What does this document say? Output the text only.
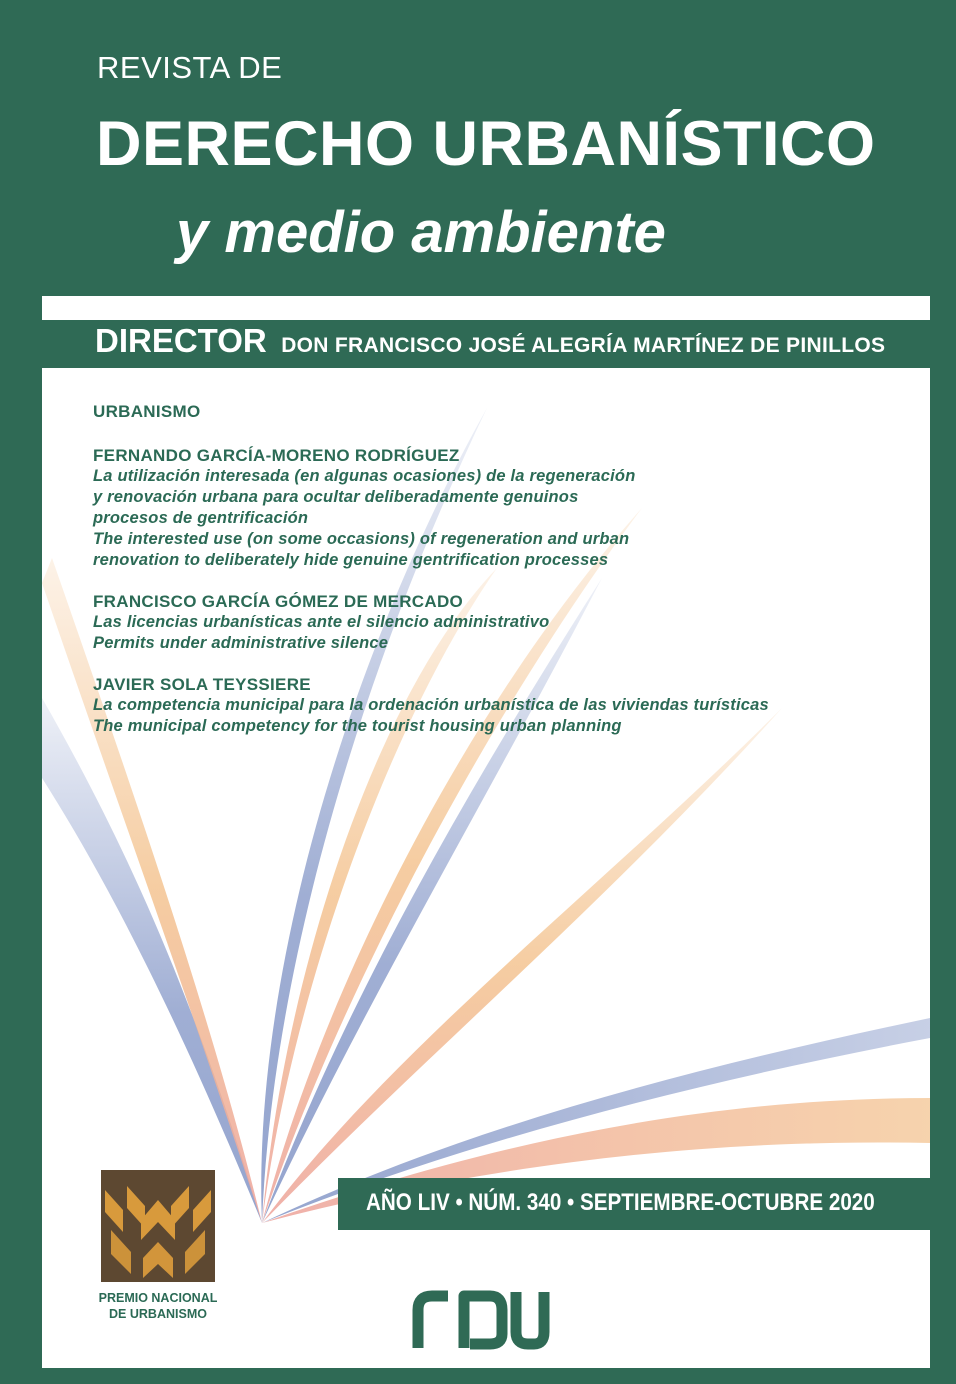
REVISTA DE
DERECHO URBANÍSTICO
y medio ambiente
DIRECTOR DON FRANCISCO JOSÉ ALEGRÍA MARTÍNEZ DE PINILLOS
URBANISMO
FERNANDO GARCÍA-MORENO RODRÍGUEZ
La utilización interesada (en algunas ocasiones) de la regeneración
y renovación urbana para ocultar deliberadamente genuinos
procesos de gentrificación
The interested use (on some occasions) of regeneration and urban
renovation to deliberately hide genuine gentrification processes
FRANCISCO GARCÍA GÓMEZ DE MERCADO
Las licencias urbanísticas ante el silencio administrativo
Permits under administrative silence
JAVIER SOLA TEYSSIERE
La competencia municipal para la ordenación urbanística de las viviendas turísticas
The municipal competency for the tourist housing urban planning
AÑO LIV • NÚM. 340 • SEPTIEMBRE-OCTUBRE 2020
PREMIO NACIONAL
DE URBANISMO
